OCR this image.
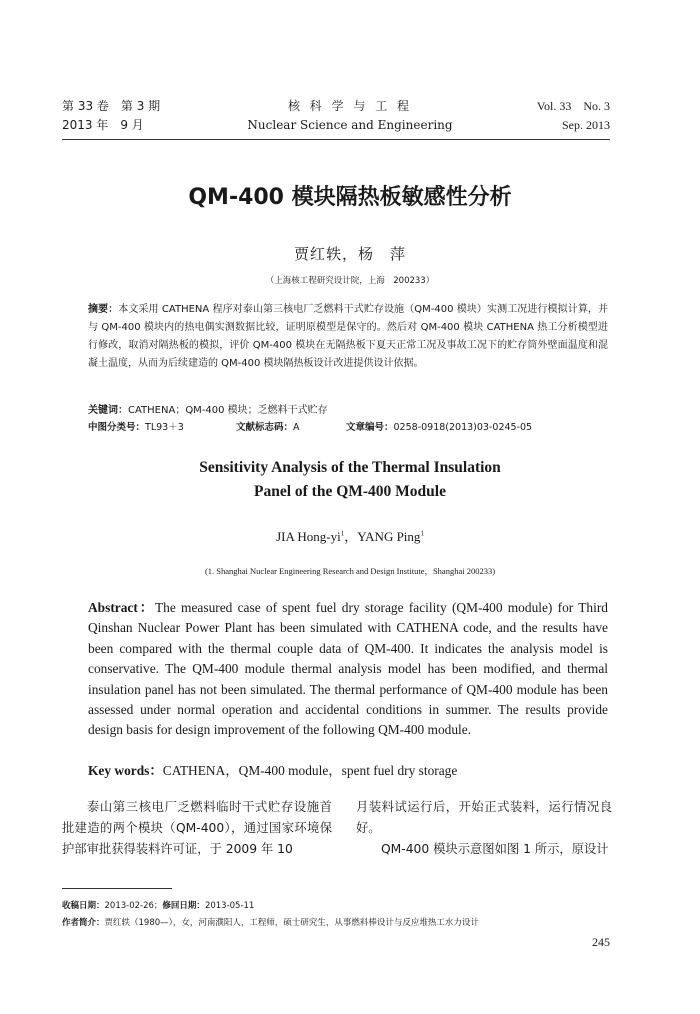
第 33 卷　第 3 期
2013 年　9 月
核 科 学 与 工 程
Nuclear Science and Engineering
Vol. 33　No. 3
Sep. 2013
QM-400 模块隔热板敏感性分析
贾红轶，杨　萍
（上海核工程研究设计院，上海　200233）
摘要：本文采用 CATHENA 程序对泰山第三核电厂乏燃料干式贮存设施（QM-400 模块）实测工况进行模拟计算，并与 QM-400 模块内的热电偶实测数据比较，证明原模型是保守的。然后对 QM-400 模块 CATHENA 热工分析模型进行修改，取消对隔热板的模拟，评价 QM-400 模块在无隔热板下夏天正常工况及事故工况下的贮存筒外壁面温度和混凝土温度，从而为后续建造的 QM-400 模块隔热板设计改进提供设计依据。
关键词：CATHENA；QM-400 模块；乏燃料干式贮存
中图分类号：TL93＋3	文献标志码：A	文章编号：0258-0918(2013)03-0245-05
Sensitivity Analysis of the Thermal Insulation
Panel of the QM-400 Module
JIA Hong-$yi^1$，YANG Ping$^1$
(1. Shanghai Nuclear Engineering Research and Design Institute，Shanghai 200233)
Abstract：The measured case of spent fuel dry storage facility (QM-400 module) for Third Qinshan Nuclear Power Plant has been simulated with CATHENA code, and the results have been compared with the thermal couple data of QM-400. It indicates the analysis model is conservative. The QM-400 module thermal analysis model has been modified, and thermal insulation panel has not been simulated. The thermal performance of QM-400 module has been assessed under normal operation and accidental conditions in summer. The results provide design basis for design improvement of the following QM-400 module.
Key words：CATHENA，QM-400 module，spent fuel dry storage
泰山第三核电厂乏燃料临时干式贮存设施首批建造的两个模块（QM-400），通过国家环境保护部审批获得装料许可证，于 2009 年 10

月装料试运行后，开始正式装料，运行情况良好。

QM-400 模块示意图如图 1 所示，原设计

收稿日期：2013-02-26；修回日期：2013-05-11
作者简介：贾红轶（1980—），女，河南濮阳人，工程师，硕士研究生，从事燃料棒设计与反应堆热工水力设计
245
